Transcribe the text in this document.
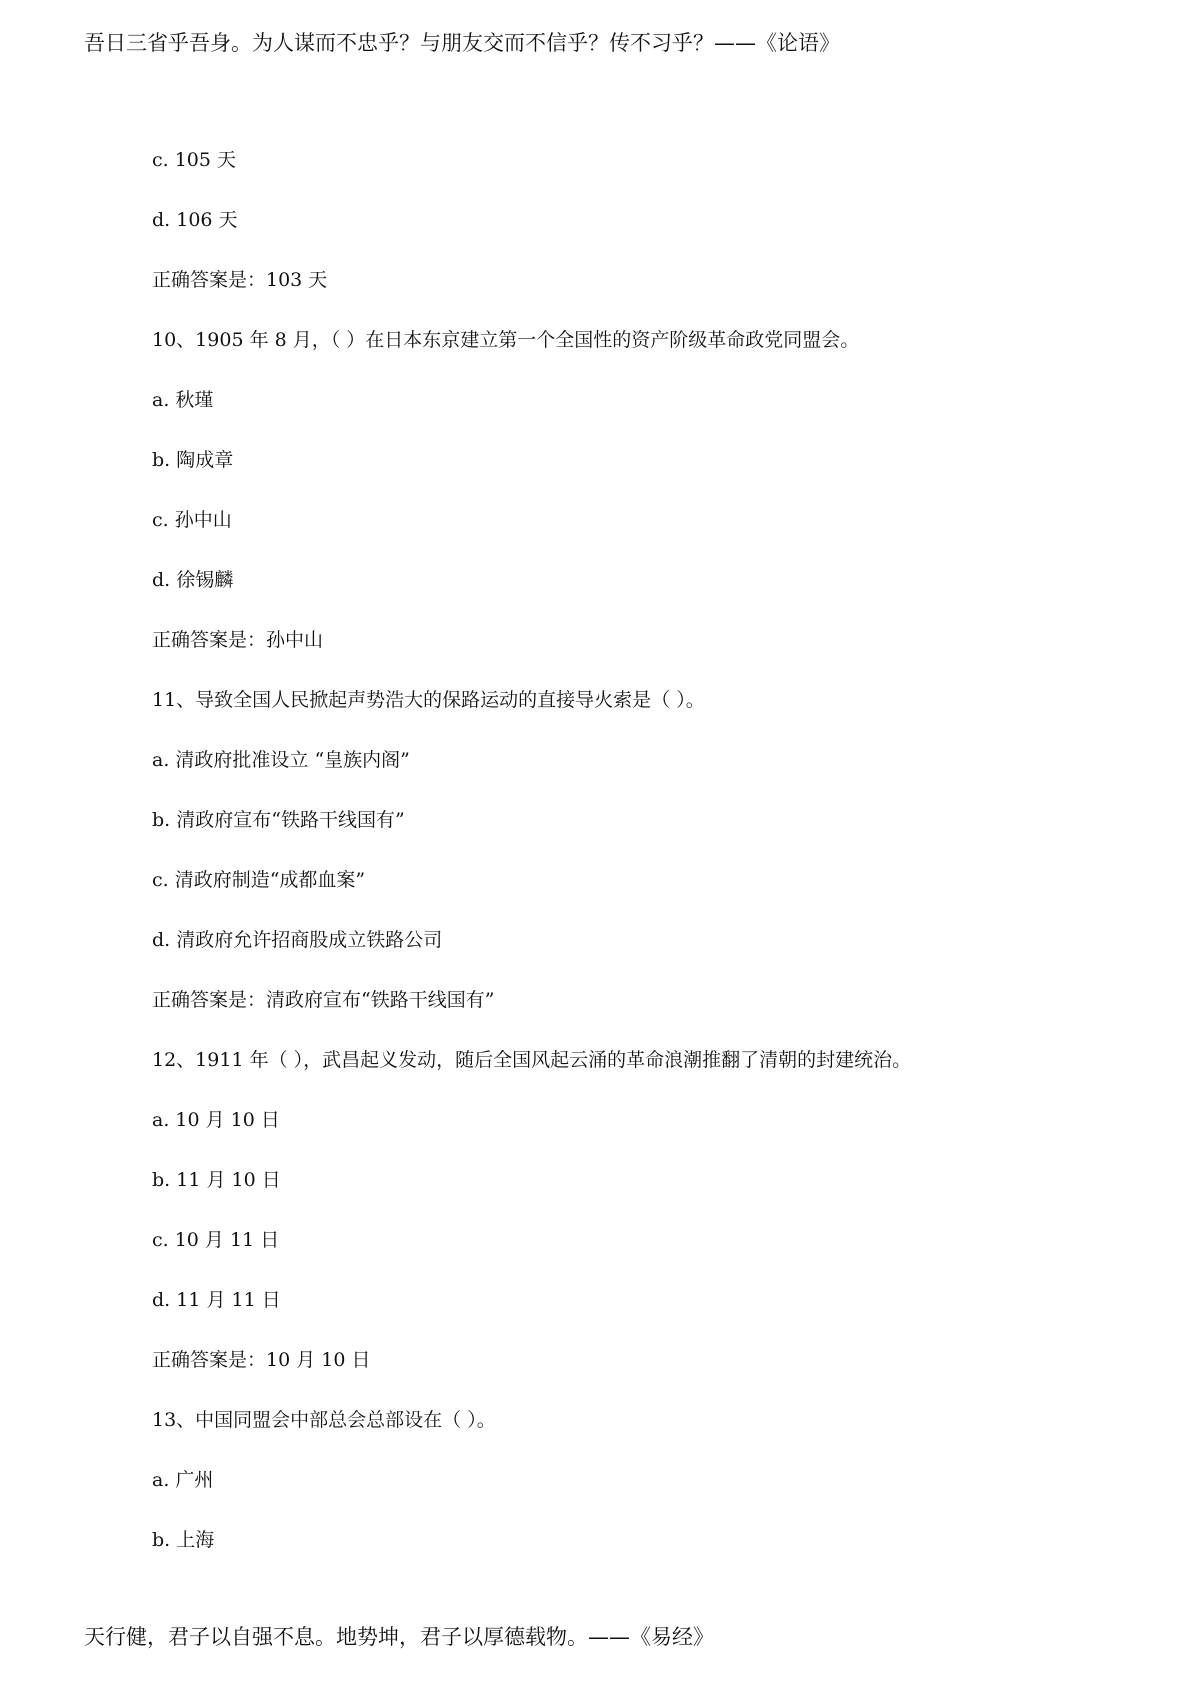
吾日三省乎吾身。为人谋而不忠乎？与朋友交而不信乎？传不习乎？——《论语》
c. 105 天
d. 106 天
正确答案是：103 天
10、1905 年 8 月，（ ）在日本东京建立第一个全国性的资产阶级革命政党同盟会。
a. 秋瑾
b. 陶成章
c. 孙中山
d. 徐锡麟
正确答案是：孙中山
11、导致全国人民掀起声势浩大的保路运动的直接导火索是（ ）。
a. 清政府批准设立 “皇族内阁”
b. 清政府宣布“铁路干线国有”
c. 清政府制造“成都血案”
d. 清政府允许招商股成立铁路公司
正确答案是：清政府宣布“铁路干线国有”
12、1911 年（ ），武昌起义发动，随后全国风起云涌的革命浪潮推翻了清朝的封建统治。
a. 10 月 10 日
b. 11 月 10 日
c. 10 月 11 日
d. 11 月 11 日
正确答案是：10 月 10 日
13、中国同盟会中部总会总部设在（ ）。
a. 广州
b. 上海
天行健，君子以自强不息。地势坤，君子以厚德载物。——《易经》
